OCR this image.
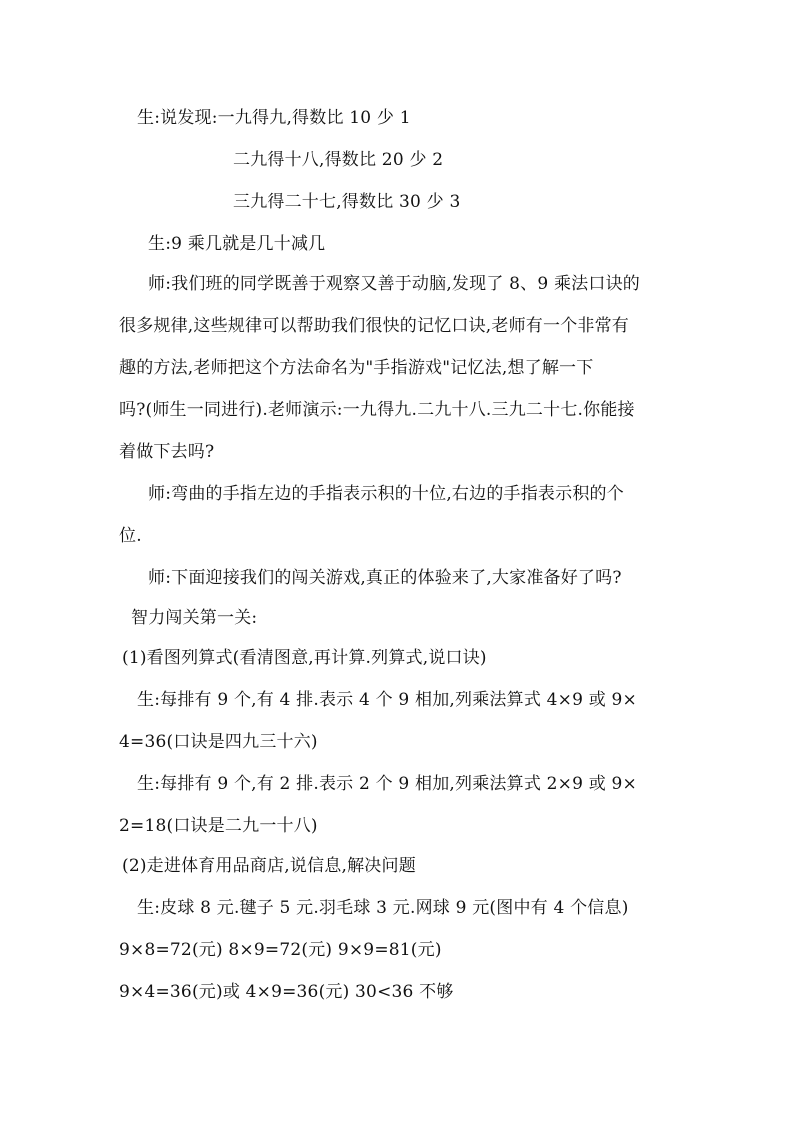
生:说发现:一九得九,得数比 10 少 1
二九得十八,得数比 20 少 2
三九得二十七,得数比 30 少 3
生:9 乘几就是几十减几
师:我们班的同学既善于观察又善于动脑,发现了 8、9 乘法口诀的
很多规律,这些规律可以帮助我们很快的记忆口诀,老师有一个非常有
趣的方法,老师把这个方法命名为"手指游戏"记忆法,想了解一下
吗?(师生一同进行).老师演示:一九得九.二九十八.三九二十七.你能接
着做下去吗?
师:弯曲的手指左边的手指表示积的十位,右边的手指表示积的个
位.
师:下面迎接我们的闯关游戏,真正的体验来了,大家准备好了吗?
智力闯关第一关:
(1)看图列算式(看清图意,再计算.列算式,说口诀)
生:每排有 9 个,有 4 排.表示 4 个 9 相加,列乘法算式 4×9 或 9×
4=36(口诀是四九三十六)
生:每排有 9 个,有 2 排.表示 2 个 9 相加,列乘法算式 2×9 或 9×
2=18(口诀是二九一十八)
(2)走进体育用品商店,说信息,解决问题
生:皮球 8 元.毽子 5 元.羽毛球 3 元.网球 9 元(图中有 4 个信息)
9×8=72(元) 8×9=72(元) 9×9=81(元)
9×4=36(元)或 4×9=36(元) 30<36 不够
